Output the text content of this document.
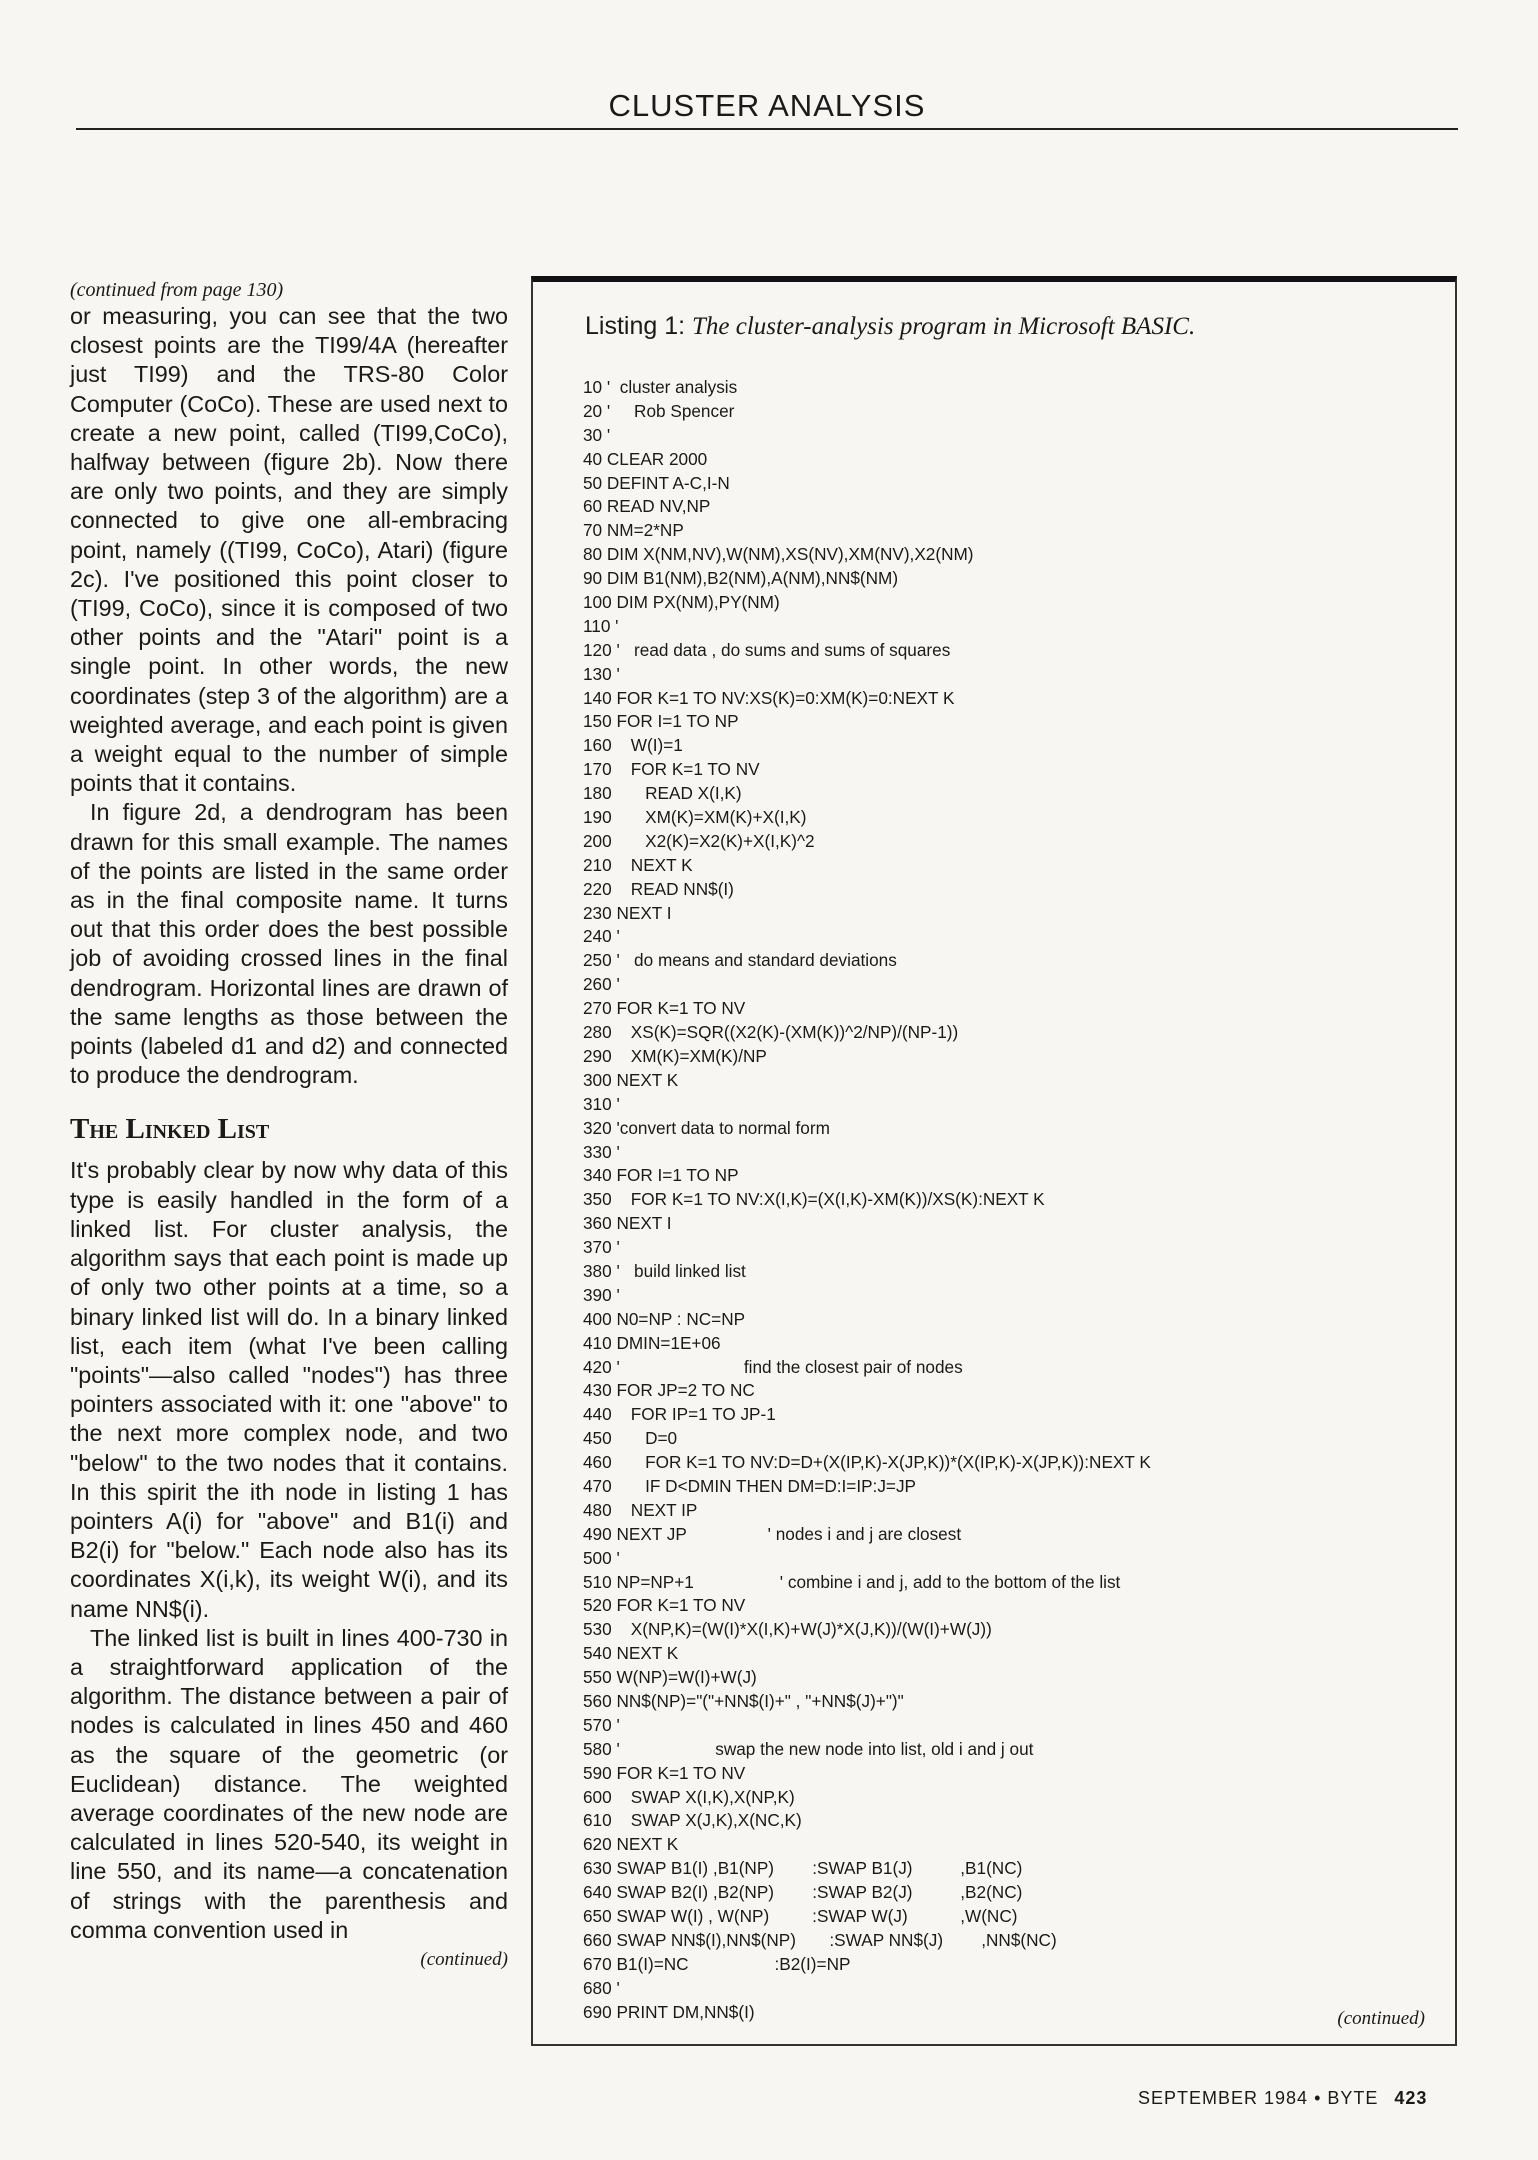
CLUSTER ANALYSIS

(continued from page 130)

or measuring, you can see that the two closest points are the TI99/4A (hereafter just TI99) and the TRS-80 Color Computer (CoCo). These are used next to create a new point, called (TI99,CoCo), halfway between (figure 2b). Now there are only two points, and they are simply connected to give one all-embracing point, namely ((TI99, CoCo), Atari) (figure 2c). I've positioned this point closer to (TI99, CoCo), since it is composed of two other points and the "Atari" point is a single point. In other words, the new coordinates (step 3 of the algorithm) are a weighted average, and each point is given a weight equal to the number of simple points that it contains.

In figure 2d, a dendrogram has been drawn for this small example. The names of the points are listed in the same order as in the final composite name. It turns out that this order does the best possible job of avoiding crossed lines in the final dendrogram. Horizontal lines are drawn of the same lengths as those between the points (labeled d1 and d2) and connected to produce the dendrogram.

The Linked List

It's probably clear by now why data of this type is easily handled in the form of a linked list. For cluster analysis, the algorithm says that each point is made up of only two other points at a time, so a binary linked list will do. In a binary linked list, each item (what I've been calling "points"—also called "nodes") has three pointers associated with it: one "above" to the next more complex node, and two "below" to the two nodes that it contains. In this spirit the ith node in listing 1 has pointers A(i) for "above" and B1(i) and B2(i) for "below." Each node also has its coordinates X(i,k), its weight W(i), and its name NN$(i).

The linked list is built in lines 400-730 in a straightforward application of the algorithm. The distance between a pair of nodes is calculated in lines 450 and 460 as the square of the geometric (or Euclidean) distance. The weighted average coordinates of the new node are calculated in lines 520-540, its weight in line 550, and its name—a concatenation of strings with the parenthesis and comma convention used in

(continued)

Listing 1: The cluster-analysis program in Microsoft BASIC.
10 '  cluster analysis
20 '     Rob Spencer
30 '
40 CLEAR 2000
50 DEFINT A-C,I-N
60 READ NV,NP
70 NM=2*NP
80 DIM X(NM,NV),W(NM),XS(NV),XM(NV),X2(NM)
90 DIM B1(NM),B2(NM),A(NM),NN$(NM)
100 DIM PX(NM),PY(NM)
110 '
120 '   read data , do sums and sums of squares
130 '
140 FOR K=1 TO NV:XS(K)=0:XM(K)=0:NEXT K
150 FOR I=1 TO NP
160    W(I)=1
170    FOR K=1 TO NV
180       READ X(I,K)
190       XM(K)=XM(K)+X(I,K)
200       X2(K)=X2(K)+X(I,K)^2
210    NEXT K
220    READ NN$(I)
230 NEXT I
240 '
250 '   do means and standard deviations
260 '
270 FOR K=1 TO NV
280    XS(K)=SQR((X2(K)-(XM(K))^2/NP)/(NP-1))
290    XM(K)=XM(K)/NP
300 NEXT K
310 '
320 'convert data to normal form
330 '
340 FOR I=1 TO NP
350    FOR K=1 TO NV:X(I,K)=(X(I,K)-XM(K))/XS(K):NEXT K
360 NEXT I
370 '
380 '   build linked list
390 '
400 N0=NP : NC=NP
410 DMIN=1E+06
420 '                          find the closest pair of nodes
430 FOR JP=2 TO NC
440    FOR IP=1 TO JP-1
450       D=0
460       FOR K=1 TO NV:D=D+(X(IP,K)-X(JP,K))*(X(IP,K)-X(JP,K)):NEXT K
470       IF D<DMIN THEN DM=D:I=IP:J=JP
480    NEXT IP
490 NEXT JP                 ' nodes i and j are closest
500 '
510 NP=NP+1                  ' combine i and j, add to the bottom of the list
520 FOR K=1 TO NV
530    X(NP,K)=(W(I)*X(I,K)+W(J)*X(J,K))/(W(I)+W(J))
540 NEXT K
550 W(NP)=W(I)+W(J)
560 NN$(NP)="("+NN$(I)+" , "+NN$(J)+")"
570 '
580 '                    swap the new node into list, old i and j out
590 FOR K=1 TO NV
600    SWAP X(I,K),X(NP,K)
610    SWAP X(J,K),X(NC,K)
620 NEXT K
630 SWAP B1(I) ,B1(NP)        :SWAP B1(J)          ,B1(NC)
640 SWAP B2(I) ,B2(NP)        :SWAP B2(J)          ,B2(NC)
650 SWAP W(I) , W(NP)         :SWAP W(J)           ,W(NC)
660 SWAP NN$(I),NN$(NP)       :SWAP NN$(J)        ,NN$(NC)
670 B1(I)=NC                  :B2(I)=NP
680 '
690 PRINT DM,NN$(I)	(continued)
SEPTEMBER 1984 • BYTE 423
